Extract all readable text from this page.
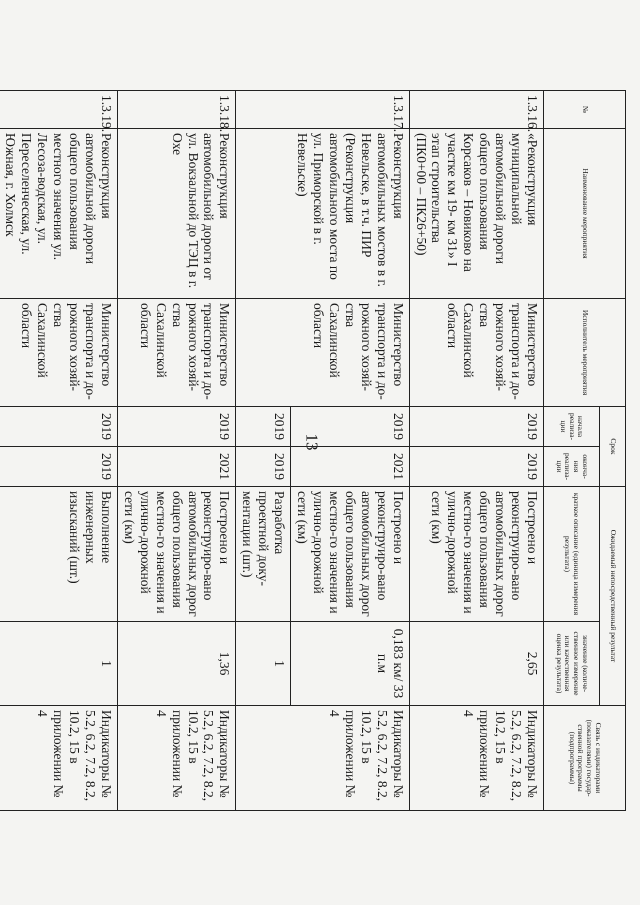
13
№	Наименование мероприятия	Исполнитель мероприятия	Срок		Ожидаемый непосредственный результат		Связь с индикаторами (показателями) государ-ственной программы (подпрограммы)
			начала реализа-ции	оконча-ния реализа-ции	краткое описание (единица измерения результата)	значение (количе-ственное измерение или качественная оценка результата)	
1.3.16.	«Реконструкция муниципальной автомобильной дороги общего пользования Корсаков – Новиково на участке км 19- км 31» I этап строительства (ПК0+00 – ПК26+50)	Министерство транспорта и до-рожного хозяй-ства Сахалинской области	2019	2019	Построено и реконструиро-вано автомобильных дорог общего пользования местно-го значения и улично-дорожной сети (км)	2,65	Индикаторы № 5.2, 6.2, 7.2, 8.2, 10.2, 15 в приложении № 4
1.3.17.	Реконструкция автомобильных мостов в г. Невельске, в т.ч. ПИР (Реконструкция автомобильного моста по ул. Приморской в г. Невельске)	Министерство транспорта и до-рожного хозяй-ства Сахалинской области	2019	2021	Построено и реконструиро-вано автомобильных дорог общего пользования местно-го значения и улично-дорожной сети (км)	0,183 км/ 33 п.м	Индикаторы № 5.2, 6.2, 7.2, 8.2, 10.2, 15 в приложении № 4
			2019	2019	Разработка проектной доку-ментации (шт.)	1	
1.3.18.	Реконструкция автомобильной дороги от ул. Вокзальной до ТЭЦ в г. Охе	Министерство транспорта и до-рожного хозяй-ства Сахалинской области	2019	2021	Построено и реконструиро-вано автомобильных дорог общего пользования местно-го значения и улично-дорожной сети (км)	1,36	Индикаторы № 5.2, 6.2, 7.2, 8.2, 10.2, 15 в приложении № 4
1.3.19.	Реконструкция автомобильной дороги общего пользования местного значения ул. Лесоза-водская, ул. Переселенческая, ул. Южная, г. Холмск	Министерство транспорта и до-рожного хозяй-ства Сахалинской области	2019	2019	Выполнение инженерных изысканий (шт.)	1	Индикаторы № 5.2, 6.2, 7.2, 8.2, 10.2, 15 в приложении № 4
